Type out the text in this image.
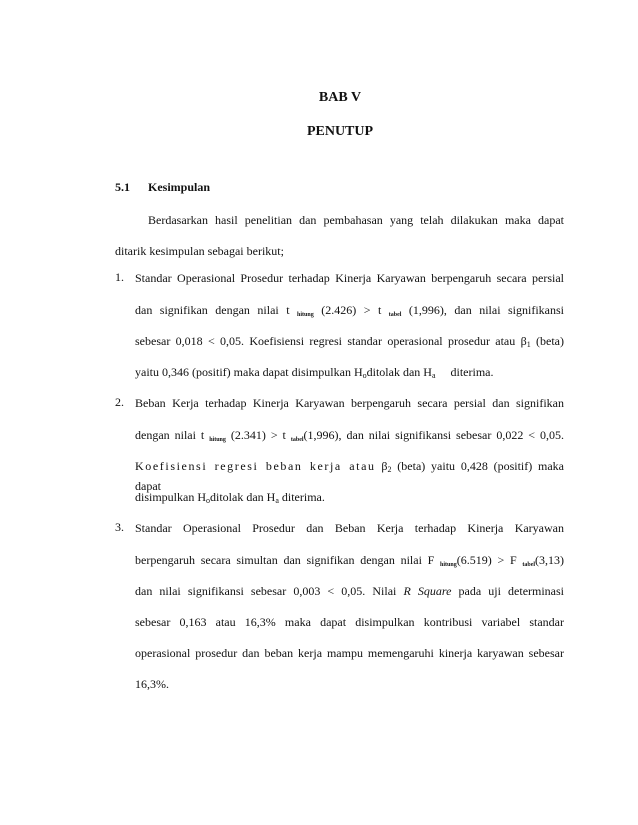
BAB V
PENUTUP
5.1 Kesimpulan
Berdasarkan hasil penelitian dan pembahasan yang telah dilakukan maka dapat
ditarik kesimpulan sebagai berikut;
1. Standar Operasional Prosedur terhadap Kinerja Karyawan berpengaruh secara persial
dan signifikan dengan nilai t $_{hitung}$ (2.426) > t $_{tabel}$ (1,996), dan nilai signifikansi
sebesar 0,018 < 0,05. Koefisiensi regresi standar operasional prosedur atau β1 (beta)
yaitu 0,346 (positif) maka dapat disimpulkan Hoditolak dan Ha diterima.
2. Beban Kerja terhadap Kinerja Karyawan berpengaruh secara persial dan signifikan
dengan nilai t $_{hitung}$ (2.341) > t $_{tabel}$(1,996), dan nilai signifikansi sebesar 0,022 < 0,05.
Koefisiensi regresi beban kerja atau β2 (beta) yaitu 0,428 (positif) maka dapat
disimpulkan Hoditolak dan Ha diterima.
3. Standar Operasional Prosedur dan Beban Kerja terhadap Kinerja Karyawan
berpengaruh secara simultan dan signifikan dengan nilai F $_{hitung}$(6.519) > F $_{tabel}$(3,13)
dan nilai signifikansi sebesar 0,003 < 0,05. Nilai R Square pada uji determinasi
sebesar 0,163 atau 16,3% maka dapat disimpulkan kontribusi variabel standar
operasional prosedur dan beban kerja mampu memengaruhi kinerja karyawan sebesar
16,3%.
